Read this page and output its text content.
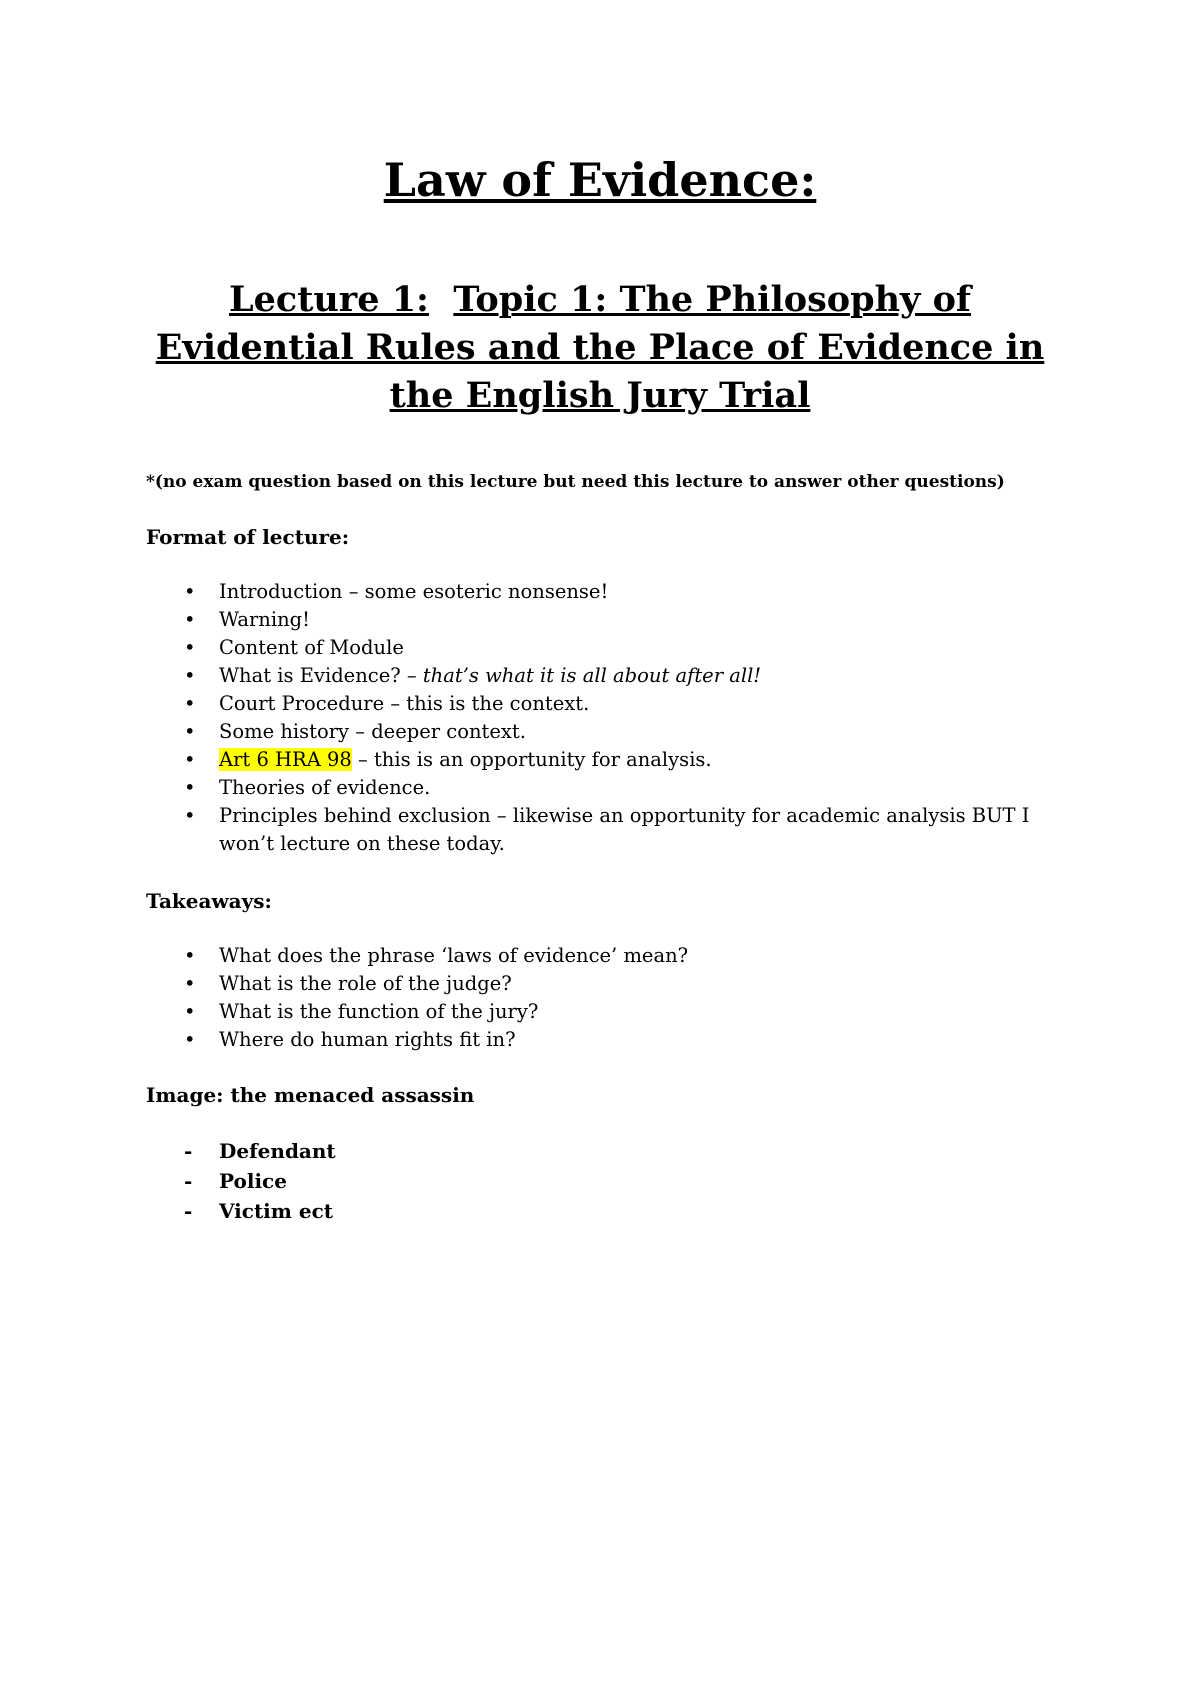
Law of Evidence:
Lecture 1: Topic 1: The Philosophy of Evidential Rules and the Place of Evidence in the English Jury Trial

*(no exam question based on this lecture but need this lecture to answer other questions)

Format of lecture:

• Introduction – some esoteric nonsense!
• Warning!
• Content of Module
• What is Evidence? – that’s what it is all about after all!
• Court Procedure – this is the context.
• Some history – deeper context.
• Art 6 HRA 98 – this is an opportunity for analysis.
• Theories of evidence.
• Principles behind exclusion – likewise an opportunity for academic analysis BUT I won’t lecture on these today.

Takeaways:

• What does the phrase ‘laws of evidence’ mean?
• What is the role of the judge?
• What is the function of the jury?
• Where do human rights fit in?

Image: the menaced assassin

- Defendant
- Police
- Victim ect
